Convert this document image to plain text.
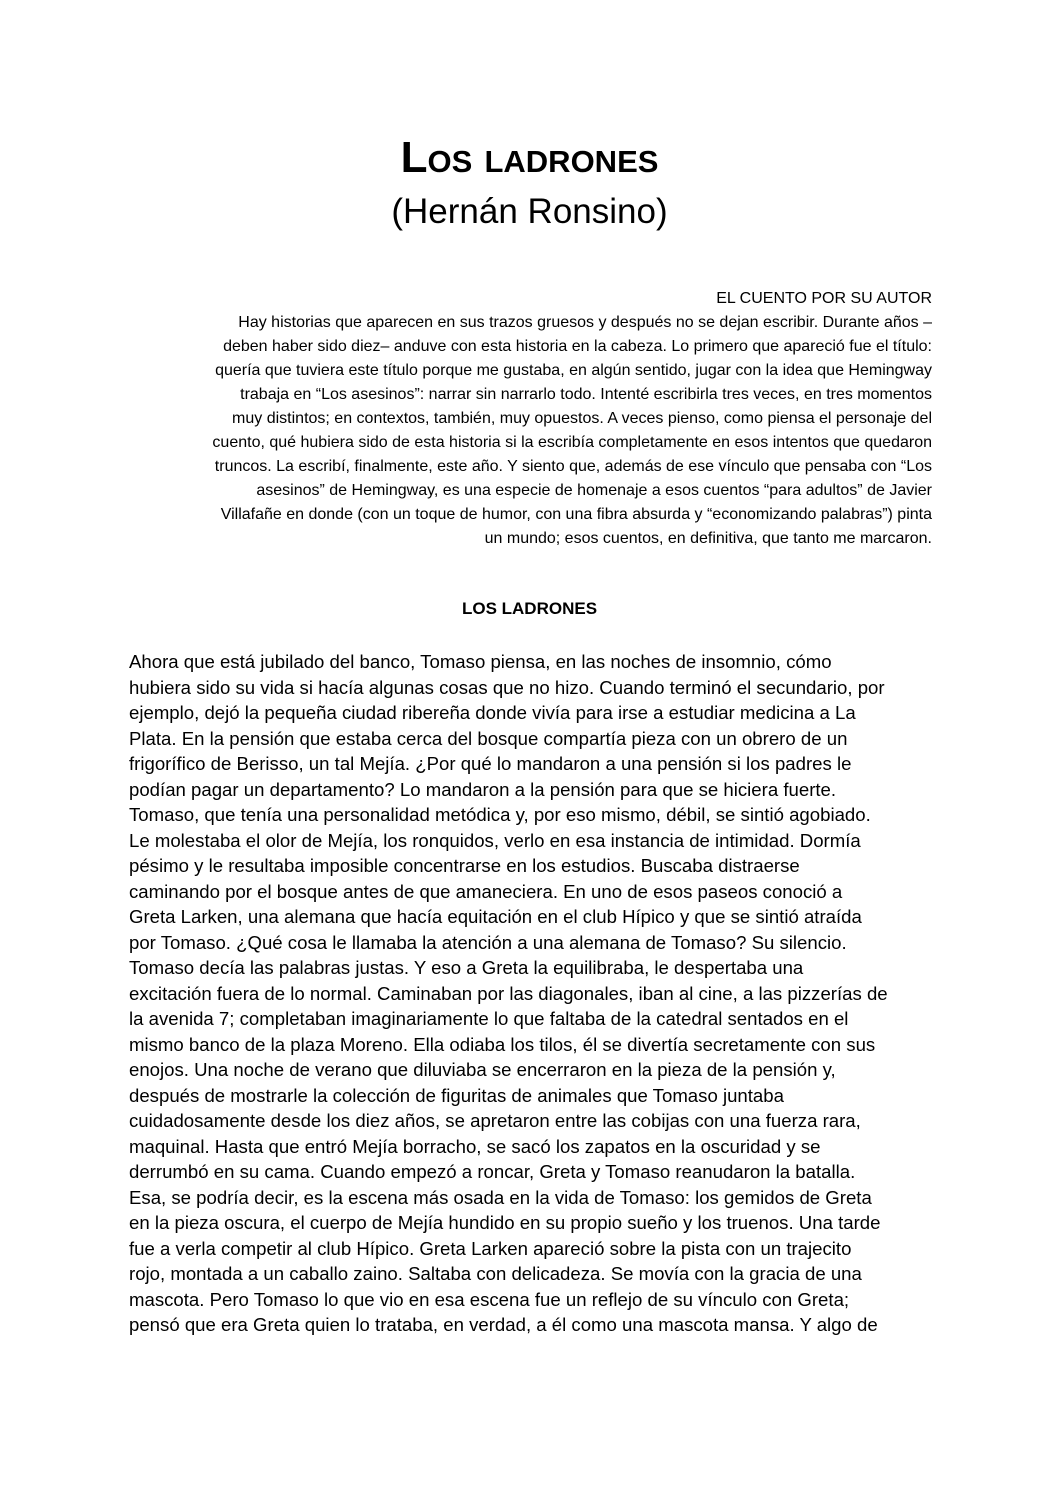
Los ladrones
(Hernán Ronsino)
EL CUENTO POR SU AUTOR
Hay historias que aparecen en sus trazos gruesos y después no se dejan escribir. Durante años –
deben haber sido diez– anduve con esta historia en la cabeza. Lo primero que apareció fue el título:
quería que tuviera este título porque me gustaba, en algún sentido, jugar con la idea que Hemingway
trabaja en “Los asesinos”: narrar sin narrarlo todo. Intenté escribirla tres veces, en tres momentos
muy distintos; en contextos, también, muy opuestos. A veces pienso, como piensa el personaje del
cuento, qué hubiera sido de esta historia si la escribía completamente en esos intentos que quedaron
truncos. La escribí, finalmente, este año. Y siento que, además de ese vínculo que pensaba con “Los
asesinos” de Hemingway, es una especie de homenaje a esos cuentos “para adultos” de Javier
Villafañe en donde (con un toque de humor, con una fibra absurda y “economizando palabras”) pinta
un mundo; esos cuentos, en definitiva, que tanto me marcaron.
LOS LADRONES
Ahora que está jubilado del banco, Tomaso piensa, en las noches de insomnio, cómo
hubiera sido su vida si hacía algunas cosas que no hizo. Cuando terminó el secundario, por
ejemplo, dejó la pequeña ciudad ribereña donde vivía para irse a estudiar medicina a La
Plata. En la pensión que estaba cerca del bosque compartía pieza con un obrero de un
frigorífico de Berisso, un tal Mejía. ¿Por qué lo mandaron a una pensión si los padres le
podían pagar un departamento? Lo mandaron a la pensión para que se hiciera fuerte.
Tomaso, que tenía una personalidad metódica y, por eso mismo, débil, se sintió agobiado.
Le molestaba el olor de Mejía, los ronquidos, verlo en esa instancia de intimidad. Dormía
pésimo y le resultaba imposible concentrarse en los estudios. Buscaba distraerse
caminando por el bosque antes de que amaneciera. En uno de esos paseos conoció a
Greta Larken, una alemana que hacía equitación en el club Hípico y que se sintió atraída
por Tomaso. ¿Qué cosa le llamaba la atención a una alemana de Tomaso? Su silencio.
Tomaso decía las palabras justas. Y eso a Greta la equilibraba, le despertaba una
excitación fuera de lo normal. Caminaban por las diagonales, iban al cine, a las pizzerías de
la avenida 7; completaban imaginariamente lo que faltaba de la catedral sentados en el
mismo banco de la plaza Moreno. Ella odiaba los tilos, él se divertía secretamente con sus
enojos. Una noche de verano que diluviaba se encerraron en la pieza de la pensión y,
después de mostrarle la colección de figuritas de animales que Tomaso juntaba
cuidadosamente desde los diez años, se apretaron entre las cobijas con una fuerza rara,
maquinal. Hasta que entró Mejía borracho, se sacó los zapatos en la oscuridad y se
derrumbó en su cama. Cuando empezó a roncar, Greta y Tomaso reanudaron la batalla.
Esa, se podría decir, es la escena más osada en la vida de Tomaso: los gemidos de Greta
en la pieza oscura, el cuerpo de Mejía hundido en su propio sueño y los truenos. Una tarde
fue a verla competir al club Hípico. Greta Larken apareció sobre la pista con un trajecito
rojo, montada a un caballo zaino. Saltaba con delicadeza. Se movía con la gracia de una
mascota. Pero Tomaso lo que vio en esa escena fue un reflejo de su vínculo con Greta;
pensó que era Greta quien lo trataba, en verdad, a él como una mascota mansa. Y algo de
